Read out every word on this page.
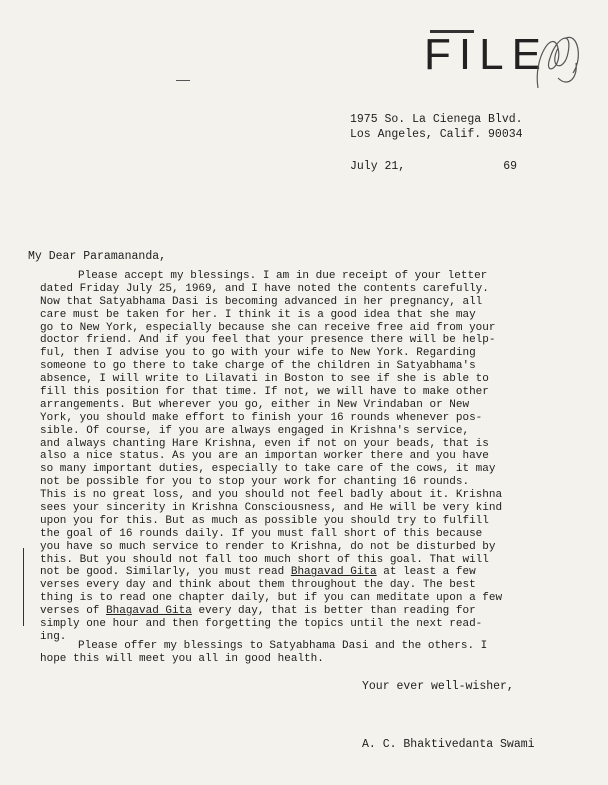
FILE
1975 So. La Cienega Blvd.
Los Angeles, Calif. 90034
July 21,	69
My Dear Paramananda,
Please accept my blessings. I am in due receipt of your letter
dated Friday July 25, 1969, and I have noted the contents carefully.
Now that Satyabhama Dasi is becoming advanced in her pregnancy, all
care must be taken for her. I think it is a good idea that she may
go to New York, especially because she can receive free aid from your
doctor friend. And if you feel that your presence there will be help-
ful, then I advise you to go with your wife to New York. Regarding
someone to go there to take charge of the children in Satyabhama's
absence, I will write to Lilavati in Boston to see if she is able to
fill this position for that time. If not, we will have to make other
arrangements. But wherever you go, either in New Vrindaban or New
York, you should make effort to finish your 16 rounds whenever pos-
sible. Of course, if you are always engaged in Krishna's service,
and always chanting Hare Krishna, even if not on your beads, that is
also a nice status. As you are an importan worker there and you have
so many important duties, especially to take care of the cows, it may
not be possible for you to stop your work for chanting 16 rounds.
This is no great loss, and you should not feel badly about it. Krishna
sees your sincerity in Krishna Consciousness, and He will be very kind
upon you for this. But as much as possible you should try to fulfill
the goal of 16 rounds daily. If you must fall short of this because
you have so much service to render to Krishna, do not be disturbed by
this. But you should not fall too much short of this goal. That will
not be good. Similarly, you must read Bhagavad Gita at least a few
verses every day and think about them throughout the day. The best
thing is to read one chapter daily, but if you can meditate upon a few
verses of Bhagavad Gita every day, that is better than reading for
simply one hour and then forgetting the topics until the next read-
ing.
Please offer my blessings to Satyabhama Dasi and the others. I
hope this will meet you all in good health.
Your ever well-wisher,
A. C. Bhaktivedanta Swami
